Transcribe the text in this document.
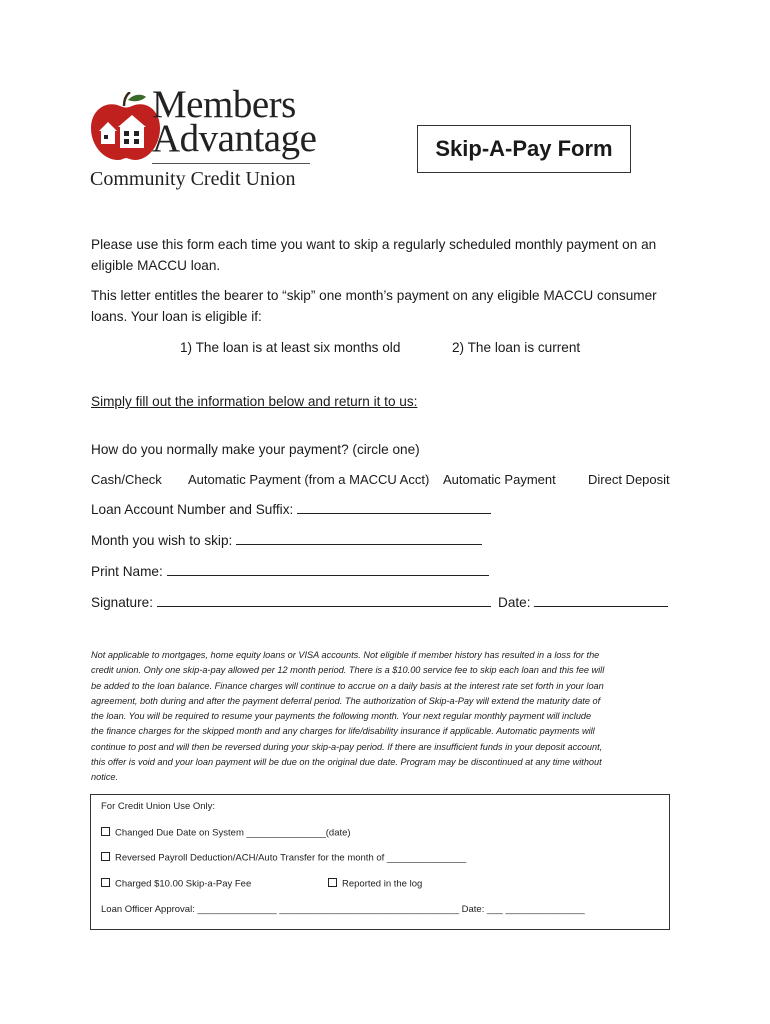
Members
Advantage
Community Credit Union
Skip-A-Pay Form
Please use this form each time you want to skip a regularly scheduled monthly payment on an
eligible MACCU loan.
This letter entitles the bearer to “skip” one month’s payment on any eligible MACCU consumer
loans. Your loan is eligible if:
1) The loan is at least six months old	2) The loan is current
Simply fill out the information below and return it to us:
How do you normally make your payment? (circle one)
Cash/Check Automatic Payment (from a MACCU Acct) Automatic Payment Direct Deposit
Loan Account Number and Suffix:
Month you wish to skip:
Print Name:
Signature:	Date:
Not applicable to mortgages, home equity loans or VISA accounts. Not eligible if member history has resulted in a loss for the
credit union. Only one skip-a-pay allowed per 12 month period. There is a $10.00 service fee to skip each loan and this fee will
be added to the loan balance. Finance charges will continue to accrue on a daily basis at the interest rate set forth in your loan
agreement, both during and after the payment deferral period. The authorization of Skip-a-Pay will extend the maturity date of
the loan. You will be required to resume your payments the following month. Your next regular monthly payment will include
the finance charges for the skipped month and any charges for life/disability insurance if applicable. Automatic payments will
continue to post and will then be reversed during your skip-a-pay period. If there are insufficient funds in your deposit account,
this offer is void and your loan payment will be due on the original due date. Program may be discontinued at any time without
notice.
For Credit Union Use Only:
Changed Due Date on System _______________(date)
Reversed Payroll Deduction/ACH/Auto Transfer for the month of _______________
Charged $10.00 Skip-a-Pay Fee	Reported in the log
Loan Officer Approval: _______________ __________________________________ Date: ___ _______________
